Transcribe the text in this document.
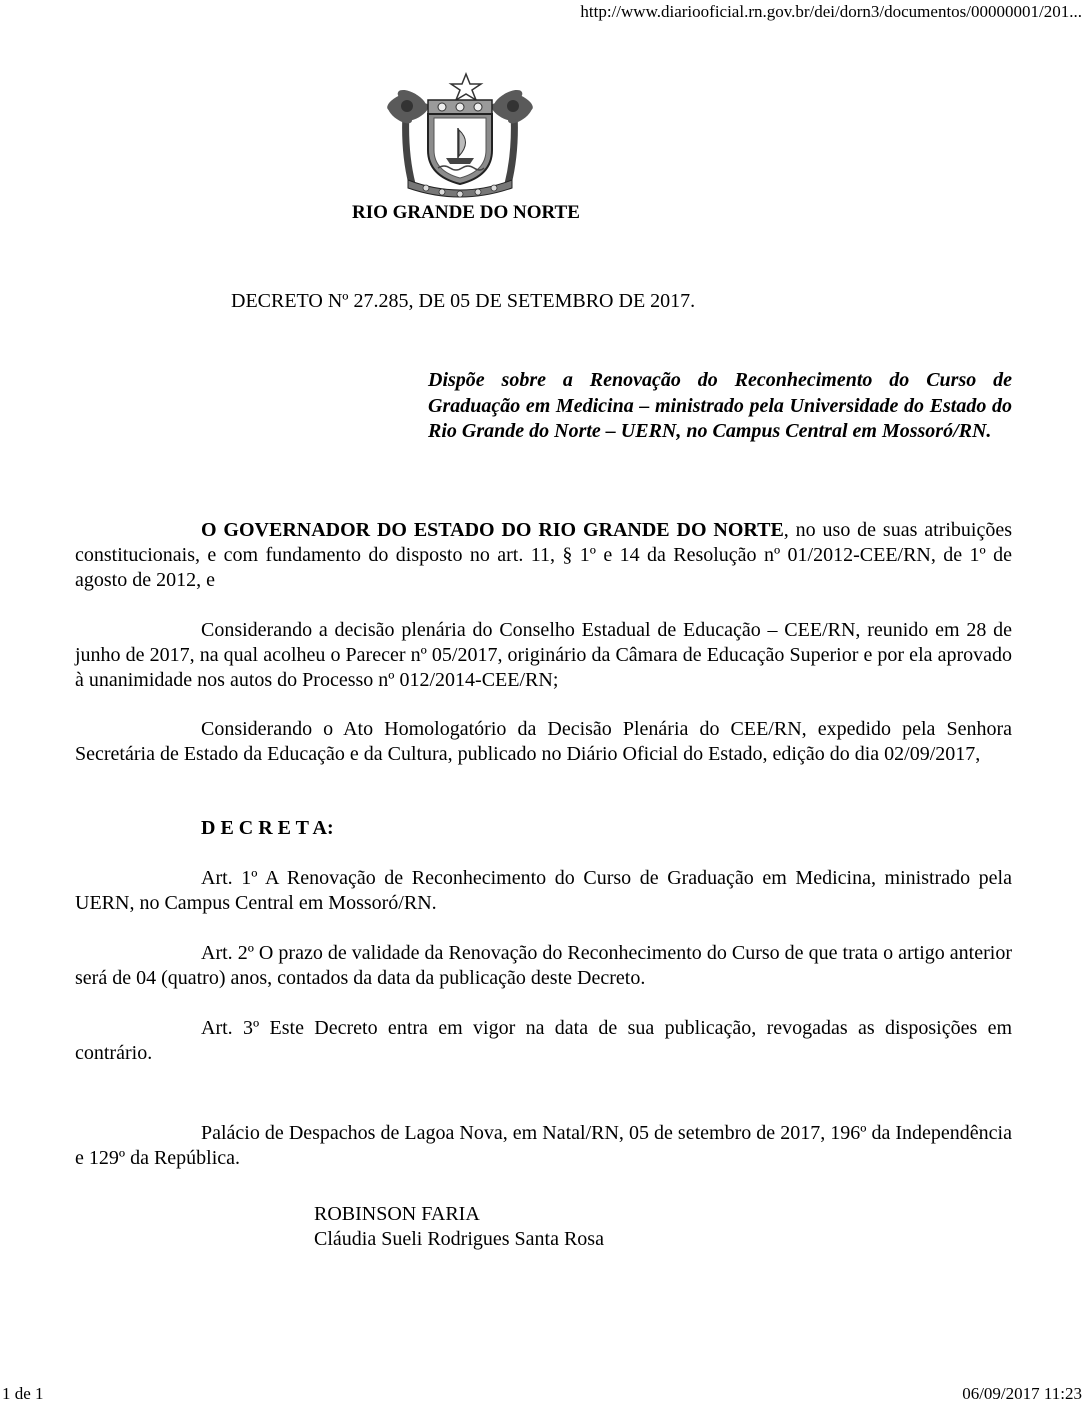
http://www.diariooficial.rn.gov.br/dei/dorn3/documentos/00000001/201...
RIO GRANDE DO NORTE
DECRETO Nº 27.285, DE 05 DE SETEMBRO DE 2017.
Dispõe sobre a Renovação do Reconhecimento do Curso de Graduação em Medicina – ministrado pela Universidade do Estado do Rio Grande do Norte – UERN, no Campus Central em Mossoró/RN.

O GOVERNADOR DO ESTADO DO RIO GRANDE DO NORTE, no uso de suas atribuições constitucionais, e com fundamento do disposto no art. 11, § 1º e 14 da Resolução nº 01/2012-CEE/RN, de 1º de agosto de 2012, e

Considerando a decisão plenária do Conselho Estadual de Educação – CEE/RN, reunido em 28 de junho de 2017, na qual acolheu o Parecer nº 05/2017, originário da Câmara de Educação Superior e por ela aprovado à unanimidade nos autos do Processo nº 012/2014-CEE/RN;

Considerando o Ato Homologatório da Decisão Plenária do CEE/RN, expedido pela Senhora Secretária de Estado da Educação e da Cultura, publicado no Diário Oficial do Estado, edição do dia 02/09/2017,

D E C R E T A:

Art. 1º A Renovação de Reconhecimento do Curso de Graduação em Medicina, ministrado pela UERN, no Campus Central em Mossoró/RN.

Art. 2º O prazo de validade da Renovação do Reconhecimento do Curso de que trata o artigo anterior será de 04 (quatro) anos, contados da data da publicação deste Decreto.

Art. 3º Este Decreto entra em vigor na data de sua publicação, revogadas as disposições em contrário.

Palácio de Despachos de Lagoa Nova, em Natal/RN, 05 de setembro de 2017, 196º da Independência e 129º da República.

ROBINSON FARIA
Cláudia Sueli Rodrigues Santa Rosa
1 de 1	06/09/2017 11:23
